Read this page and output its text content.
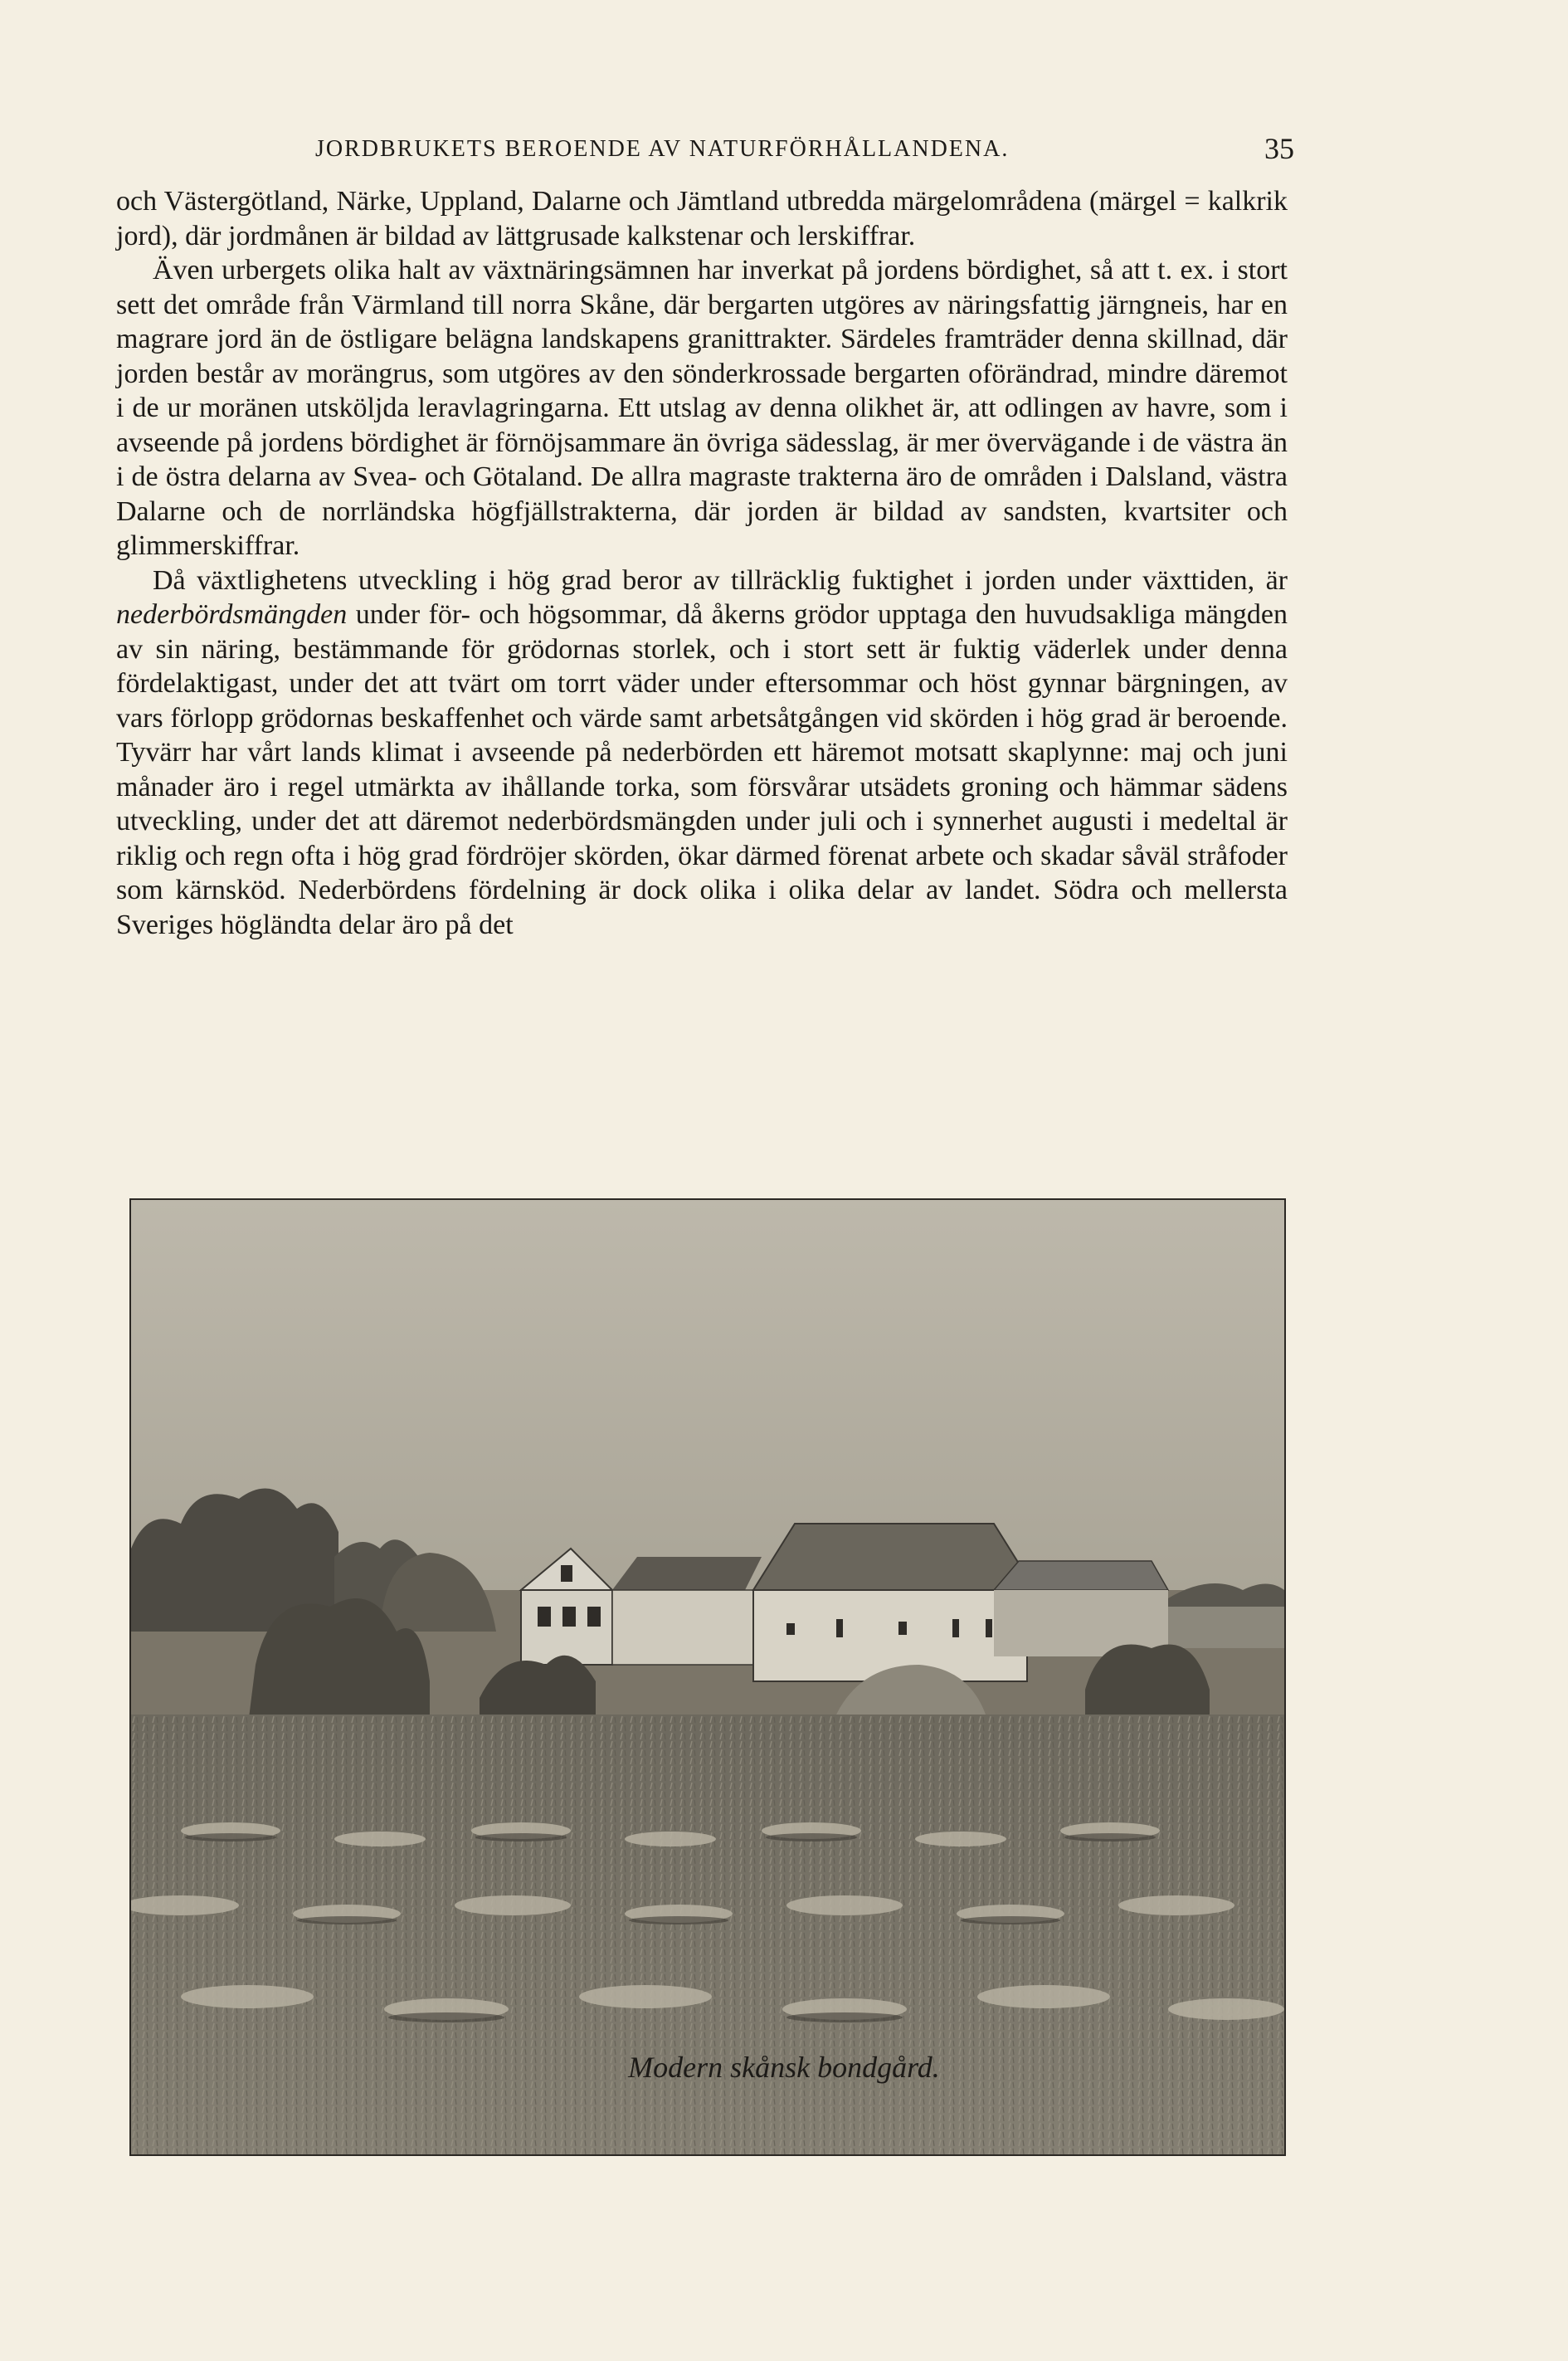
JORDBRUKETS BEROENDE AV NATURFÖRHÅLLANDENA.	35

och Västergötland, Närke, Uppland, Dalarne och Jämtland utbredda märgelområdena (märgel = kalkrik jord), där jordmånen är bildad av lättgrusade kalkstenar och lerskiffrar.

Även urbergets olika halt av växtnäringsämnen har inverkat på jordens bördighet, så att t. ex. i stort sett det område från Värmland till norra Skåne, där bergarten utgöres av näringsfattig järngneis, har en magrare jord än de östligare belägna landskapens granittrakter. Särdeles framträder denna skillnad, där jorden består av morängrus, som utgöres av den sönderkrossade bergarten oförändrad, mindre däremot i de ur moränen utsköljda leravlagringarna. Ett utslag av denna olikhet är, att odlingen av havre, som i avseende på jordens bördighet är förnöjsammare än övriga sädesslag, är mer övervägande i de västra än i de östra delarna av Svea- och Götaland. De allra magraste trakterna äro de områden i Dalsland, västra Dalarne och de norrländska högfjällstrakterna, där jorden är bildad av sandsten, kvartsiter och glimmerskiffrar.

Då växtlighetens utveckling i hög grad beror av tillräcklig fuktighet i jorden under växttiden, är nederbördsmängden under för- och högsommar, då åkerns grödor upptaga den huvudsakliga mängden av sin näring, bestämmande för grödornas storlek, och i stort sett är fuktig väderlek under denna fördelaktigast, under det att tvärt om torrt väder under eftersommar och höst gynnar bärgningen, av vars förlopp grödornas beskaffenhet och värde samt arbetsåtgången vid skörden i hög grad är beroende. Tyvärr har vårt lands klimat i avseende på nederbörden ett häremot motsatt skaplynne: maj och juni månader äro i regel utmärkta av ihållande torka, som försvårar utsädets groning och hämmar sädens utveckling, under det att däremot nederbördsmängden under juli och i synnerhet augusti i medeltal är riklig och regn ofta i hög grad fördröjer skörden, ökar därmed förenat arbete och skadar såväl stråfoder som kärnsköd. Nederbördens fördelning är dock olika i olika delar av landet. Södra och mellersta Sveriges högländta delar äro på det

Modern skånsk bondgård.
